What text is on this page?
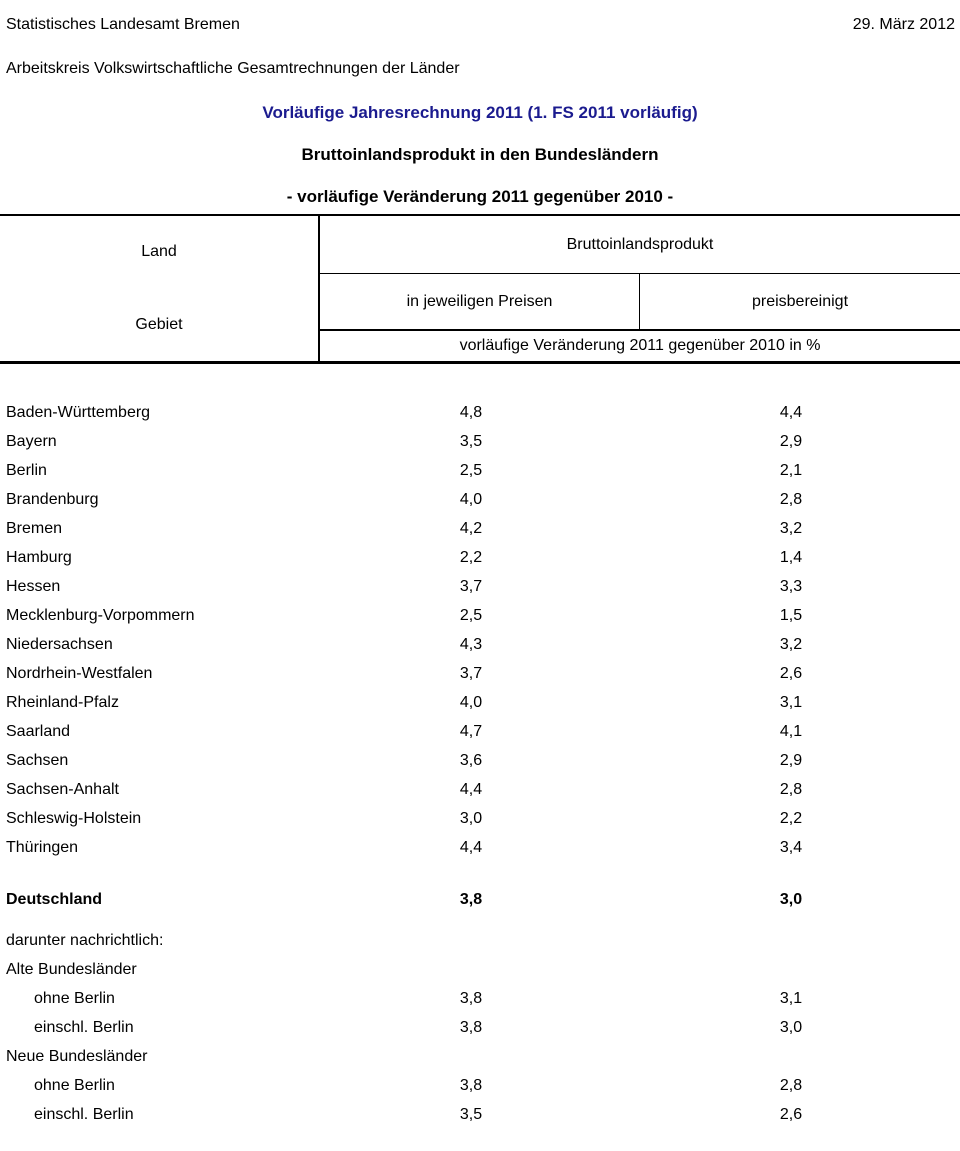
Statistisches Landesamt Bremen	29. März 2012
Arbeitskreis Volkswirtschaftliche Gesamtrechnungen der Länder
Vorläufige Jahresrechnung 2011 (1. FS 2011 vorläufig)
Bruttoinlandsprodukt in den Bundesländern
- vorläufige Veränderung 2011 gegenüber 2010 -
Land
Gebiet
Bruttoinlandsprodukt
in jeweiligen Preisen	preisbereinigt
vorläufige Veränderung 2011 gegenüber 2010 in %
Baden-Württemberg	4,8	4,4
Bayern	3,5	2,9
Berlin	2,5	2,1
Brandenburg	4,0	2,8
Bremen	4,2	3,2
Hamburg	2,2	1,4
Hessen	3,7	3,3
Mecklenburg-Vorpommern	2,5	1,5
Niedersachsen	4,3	3,2
Nordrhein-Westfalen	3,7	2,6
Rheinland-Pfalz	4,0	3,1
Saarland	4,7	4,1
Sachsen	3,6	2,9
Sachsen-Anhalt	4,4	2,8
Schleswig-Holstein	3,0	2,2
Thüringen	4,4	3,4
Deutschland	3,8	3,0
darunter nachrichtlich:
Alte Bundesländer
ohne Berlin	3,8	3,1
einschl. Berlin	3,8	3,0
Neue Bundesländer
ohne Berlin	3,8	2,8
einschl. Berlin	3,5	2,6
